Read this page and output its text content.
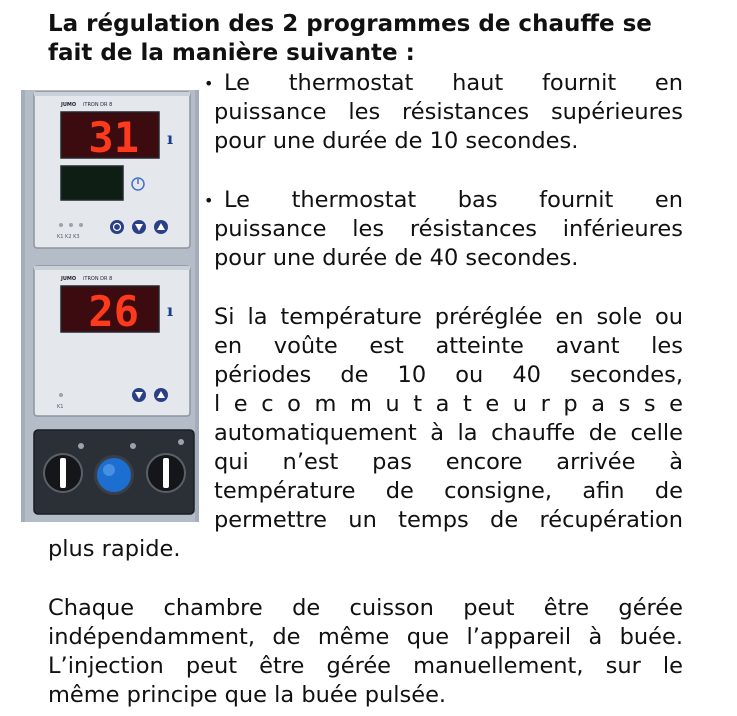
La régulation des 2 programmes de chauffe se
fait de la manière suivante :
JUMO iTRON DR 8
31 ı
K1 K2 K3
JUMO iTRON DR 8
26 ı
K1
• Le thermostat haut fournit en
puissance les résistances supérieures
pour une durée de 10 secondes.
• Le thermostat bas fournit en
puissance les résistances inférieures
pour une durée de 40 secondes.
Si la température préréglée en sole ou
en voûte est atteinte avant les
périodes de 10 ou 40 secondes,
l e c o m m u t a t e u r p a s s e
automatiquement à la chauffe de celle
qui n’est pas encore arrivée à
température de consigne, afin de
permettre un temps de récupération
plus rapide.
Chaque chambre de cuisson peut être gérée
indépendamment, de même que l’appareil à buée.
L’injection peut être gérée manuellement, sur le
même principe que la buée pulsée.
